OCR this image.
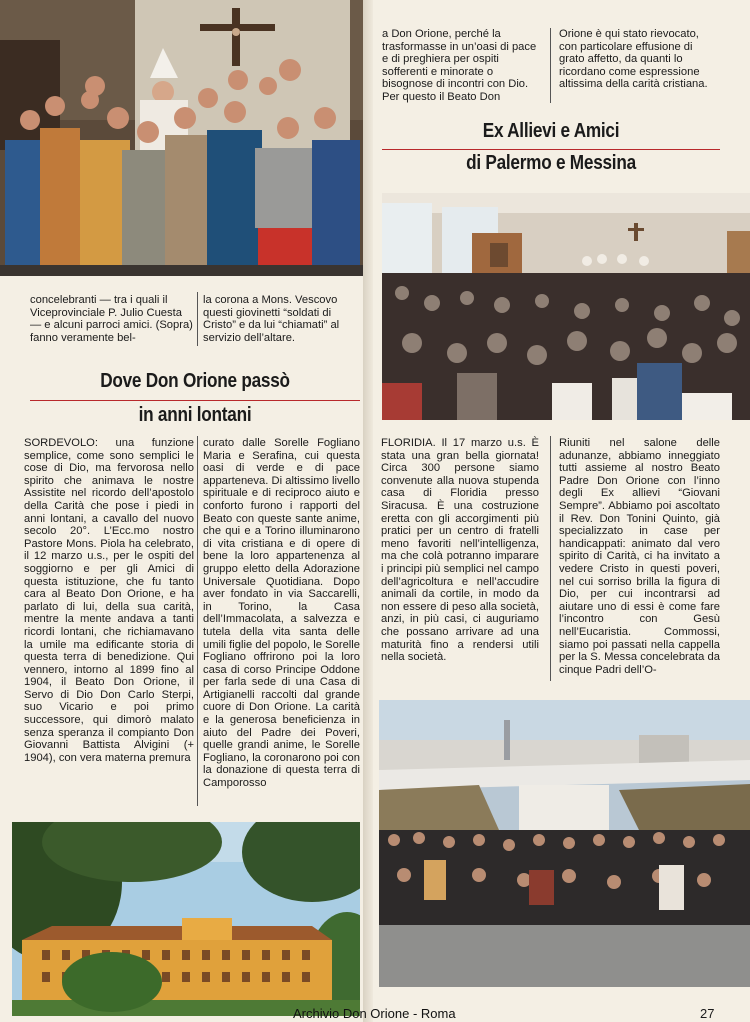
concelebranti — tra i quali il Viceprovinciale P. Julio Cuesta — e alcuni parroci amici. (Sopra) fanno veramente bel-
la corona a Mons. Vescovo questi giovinetti “soldati di Cristo” e da lui “chiamati” al servizio dell’altare.
Dove Don Orione passò
in anni lontani
SORDEVOLO: una funzione semplice, come sono semplici le cose di Dio, ma fervorosa nello spirito che animava le nostre Assistite nel ricordo dell’apostolo della Carità che pose i piedi in anni lontani, a cavallo del nuovo secolo 20°. L’Ecc.mo nostro Pastore Mons. Piola ha celebrato, il 12 marzo u.s., per le ospiti del soggiorno e per gli Amici di questa istituzione, che fu tanto cara al Beato Don Orione, e ha parlato di lui, della sua carità, mentre la mente andava a tanti ricordi lontani, che richiamavano la umile ma edificante storia di questa terra di benedizione. Qui vennero, intorno al 1899 fino al 1904, il Beato Don Orione, il Servo di Dio Don Carlo Sterpi, suo Vicario e poi primo successore, qui dimorò malato senza speranza il compianto Don Giovanni Battista Alvigini (+ 1904), con vera materna premura
curato dalle Sorelle Fogliano Maria e Serafina, cui questa oasi di verde e di pace apparteneva. Di altissimo livello spirituale e di reciproco aiuto e conforto furono i rapporti del Beato con queste sante anime, che qui e a Torino illuminarono di vita cristiana e di opere di bene la loro appartenenza al gruppo eletto della Adorazione Universale Quotidiana. Dopo aver fondato in via Saccarelli, in Torino, la Casa dell’Immacolata, a salvezza e tutela della vita santa delle umili figlie del popolo, le Sorelle Fogliano offrirono poi la loro casa di corso Principe Oddone per farla sede di una Casa di Artigianelli raccolti dal grande cuore di Don Orione. La carità e la generosa beneficienza in aiuto del Padre dei Poveri, quelle grandi anime, le Sorelle Fogliano, la coronarono poi con la donazione di questa terra di Camporosso
a Don Orione, perché la trasformasse in un’oasi di pace e di preghiera per ospiti sofferenti e minorate o bisognose di incontri con Dio. Per questo il Beato Don
Orione è qui stato rievocato, con particolare effusione di grato affetto, da quanti lo ricordano come espressione altissima della carità cristiana.
Ex Allievi e Amici
di Palermo e Messina
FLORIDIA. Il 17 marzo u.s. È stata una gran bella giornata! Circa 300 persone siamo convenute alla nuova stupenda casa di Floridia presso Siracusa. È una costruzione eretta con gli accorgimenti più pratici per un centro di fratelli meno favoriti nell’intelligenza, ma che colà potranno imparare i principi più semplici nel campo dell’agricoltura e nell’accudire animali da cortile, in modo da non essere di peso alla società, anzi, in più casi, ci auguriamo che possano arrivare ad una maturità fino a rendersi utili nella società.
Riuniti nel salone delle adunanze, abbiamo inneggiato tutti assieme al nostro Beato Padre Don Orione con l’inno degli Ex allievi “Giovani Sempre”. Abbiamo poi ascoltato il Rev. Don Tonini Quinto, già specializzato in case per handicappati: animato dal vero spirito di Carità, ci ha invitato a vedere Cristo in questi poveri, nel cui sorriso brilla la figura di Dio, per cui incontrarsi ad aiutare uno di essi è come fare l’incontro con Gesù nell’Eucaristia. Commossi, siamo poi passati nella cappella per la S. Messa concelebrata da cinque Padri dell’O-
Archivio Don Orione - Roma	27
